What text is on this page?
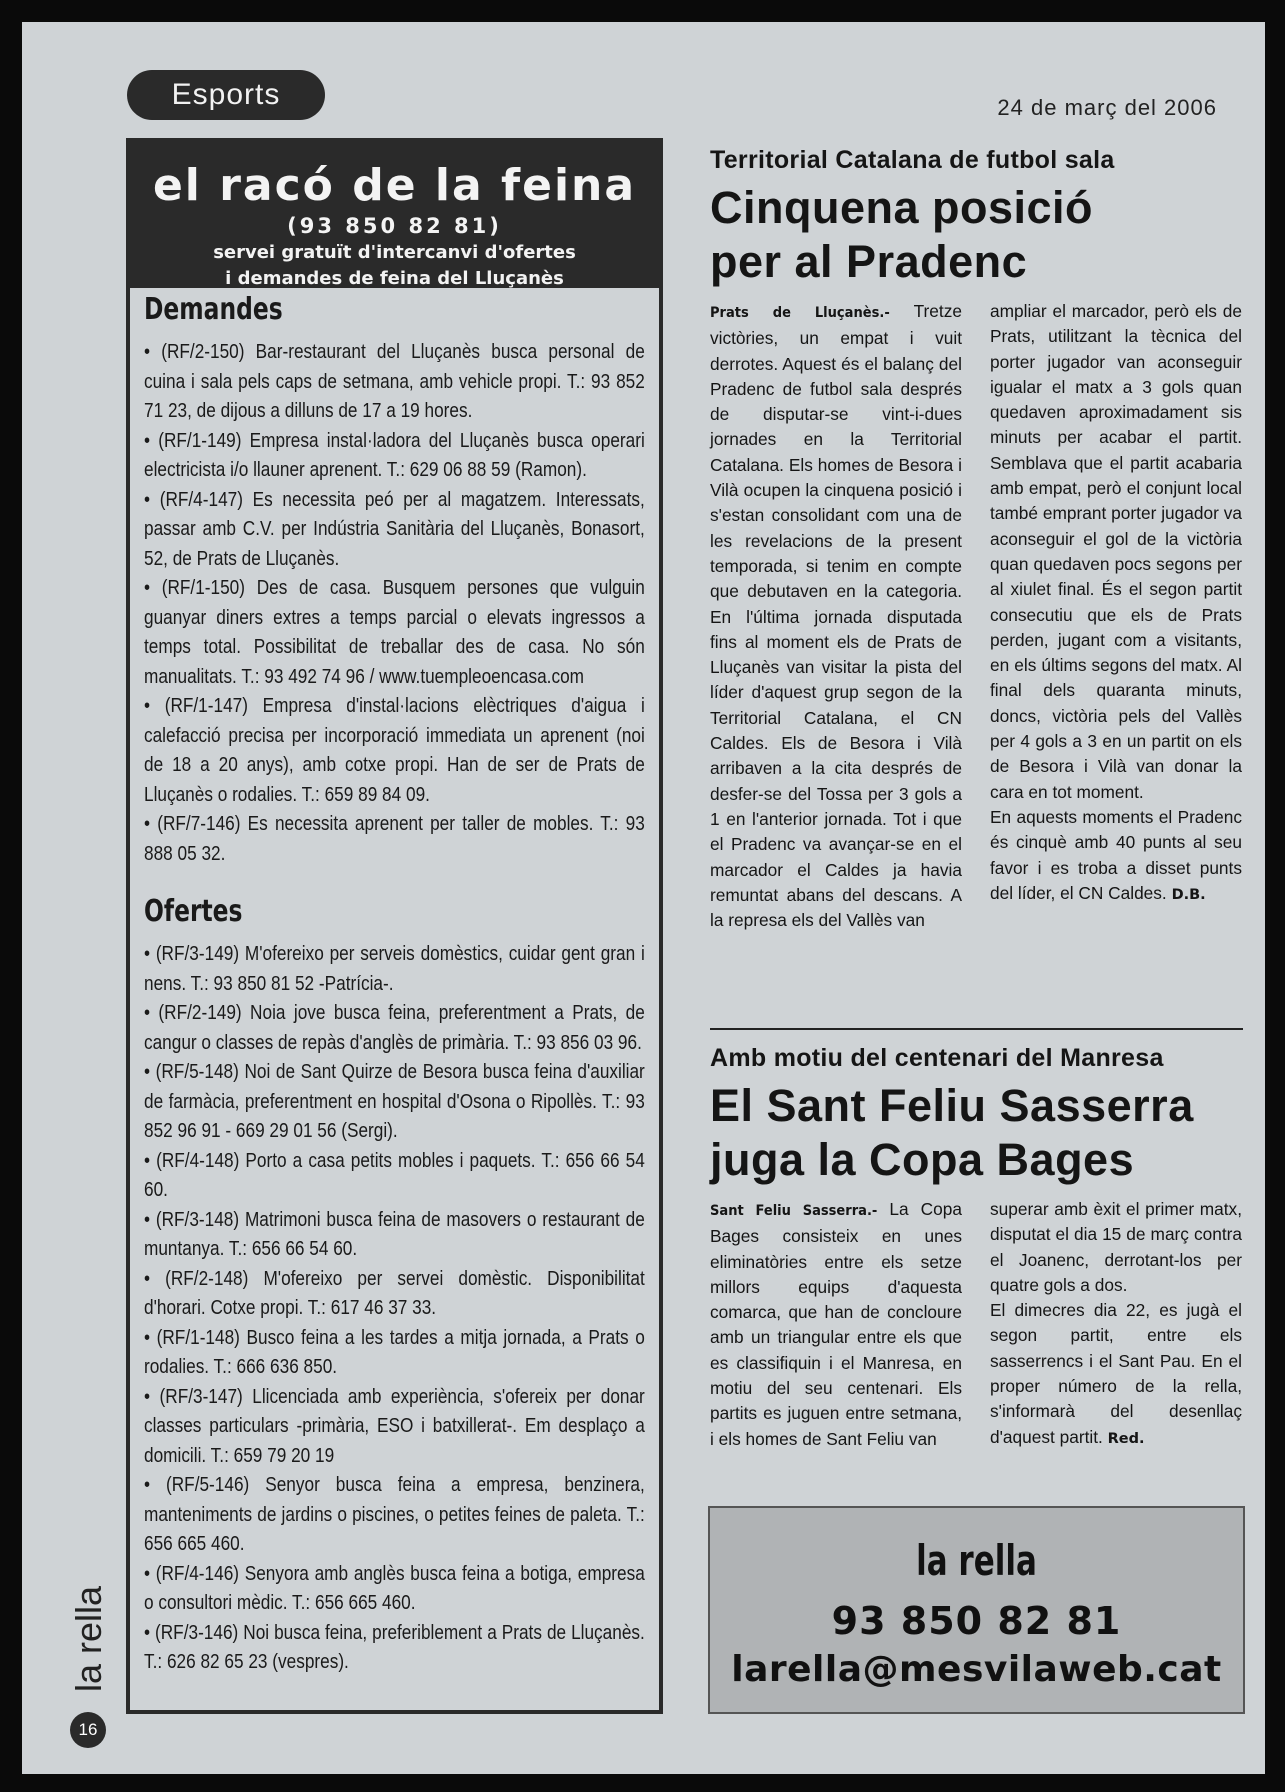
Esports	24 de març del 2006
el racó de la feina
(93 850 82 81)
servei gratuït d'intercanvi d'ofertes
i demandes de feina del Lluçanès
Demandes

• (RF/2-150) Bar-restaurant del Lluçanès busca personal de cuina i sala pels caps de setmana, amb vehicle propi. T.: 93 852 71 23, de dijous a dilluns de 17 a 19 hores.

• (RF/1-149) Empresa instal·ladora del Lluçanès busca operari electricista i/o llauner aprenent. T.: 629 06 88 59 (Ramon).

• (RF/4-147) Es necessita peó per al magatzem. Interessats, passar amb C.V. per Indústria Sanitària del Lluçanès, Bonasort, 52, de Prats de Lluçanès.

• (RF/1-150) Des de casa. Busquem persones que vulguin guanyar diners extres a temps parcial o elevats ingressos a temps total. Possibilitat de treballar des de casa. No són manualitats. T.: 93 492 74 96 / www.tuempleoencasa.com

• (RF/1-147) Empresa d'instal·lacions elèctriques d'aigua i calefacció precisa per incorporació immediata un aprenent (noi de 18 a 20 anys), amb cotxe propi. Han de ser de Prats de Lluçanès o rodalies. T.: 659 89 84 09.

• (RF/7-146) Es necessita aprenent per taller de mobles. T.: 93 888 05 32.

Ofertes

• (RF/3-149) M'ofereixo per serveis domèstics, cuidar gent gran i nens. T.: 93 850 81 52 -Patrícia-.

• (RF/2-149) Noia jove busca feina, preferentment a Prats, de cangur o classes de repàs d'anglès de primària. T.: 93 856 03 96.

• (RF/5-148) Noi de Sant Quirze de Besora busca feina d'auxiliar de farmàcia, preferentment en hospital d'Osona o Ripollès. T.: 93 852 96 91 - 669 29 01 56 (Sergi).

• (RF/4-148) Porto a casa petits mobles i paquets. T.: 656 66 54 60.

• (RF/3-148) Matrimoni busca feina de masovers o restaurant de muntanya. T.: 656 66 54 60.

• (RF/2-148) M'ofereixo per servei domèstic. Disponibilitat d'horari. Cotxe propi. T.: 617 46 37 33.

• (RF/1-148) Busco feina a les tardes a mitja jornada, a Prats o rodalies. T.: 666 636 850.

• (RF/3-147) Llicenciada amb experiència, s'ofereix per donar classes particulars -primària, ESO i batxillerat-. Em desplaço a domicili. T.: 659 79 20 19

• (RF/5-146) Senyor busca feina a empresa, benzinera, manteniments de jardins o piscines, o petites feines de paleta. T.: 656 665 460.

• (RF/4-146) Senyora amb anglès busca feina a botiga, empresa o consultori mèdic. T.: 656 665 460.

• (RF/3-146) Noi busca feina, preferiblement a Prats de Lluçanès. T.: 626 82 65 23 (vespres).

Territorial Catalana de futbol sala
Cinquena posició
per al Pradenc
Prats de Lluçanès.- Tretze victòries, un empat i vuit derrotes. Aquest és el balanç del Pradenc de futbol sala després de disputar-se vint-i-dues jornades en la Territorial Catalana. Els homes de Besora i Vilà ocupen la cinquena posició i s'estan consolidant com una de les revelacions de la present temporada, si tenim en compte que debutaven en la categoria. En l'última jornada disputada fins al moment els de Prats de Lluçanès van visitar la pista del líder d'aquest grup segon de la Territorial Catalana, el CN Caldes. Els de Besora i Vilà arribaven a la cita després de desfer-se del Tossa per 3 gols a 1 en l'anterior jornada. Tot i que el Pradenc va avançar-se en el marcador el Caldes ja havia remuntat abans del descans. A la represa els del Vallès van
ampliar el marcador, però els de Prats, utilitzant la tècnica del porter jugador van aconseguir igualar el matx a 3 gols quan quedaven aproximadament sis minuts per acabar el partit. Semblava que el partit acabaria amb empat, però el conjunt local també emprant porter jugador va aconseguir el gol de la victòria quan quedaven pocs segons per al xiulet final. És el segon partit consecutiu que els de Prats perden, jugant com a visitants, en els últims segons del matx. Al final dels quaranta minuts, doncs, victòria pels del Vallès per 4 gols a 3 en un partit on els de Besora i Vilà van donar la cara en tot moment.
En aquests moments el Pradenc és cinquè amb 40 punts al seu favor i es troba a disset punts del líder, el CN Caldes. D.B.
Amb motiu del centenari del Manresa
El Sant Feliu Sasserra
juga la Copa Bages
Sant Feliu Sasserra.- La Copa Bages consisteix en unes eliminatòries entre els setze millors equips d'aquesta comarca, que han de concloure amb un triangular entre els que es classifiquin i el Manresa, en motiu del seu centenari. Els partits es juguen entre setmana, i els homes de Sant Feliu van
superar amb èxit el primer matx, disputat el dia 15 de març contra el Joanenc, derrotant-los per quatre gols a dos.
El dimecres dia 22, es jugà el segon partit, entre els sasserrencs i el Sant Pau. En el proper número de la rella, s'informarà del desenllaç d'aquest partit. Red.
la rella
93 850 82 81
larella@mesvilaweb.cat
la rella
16
